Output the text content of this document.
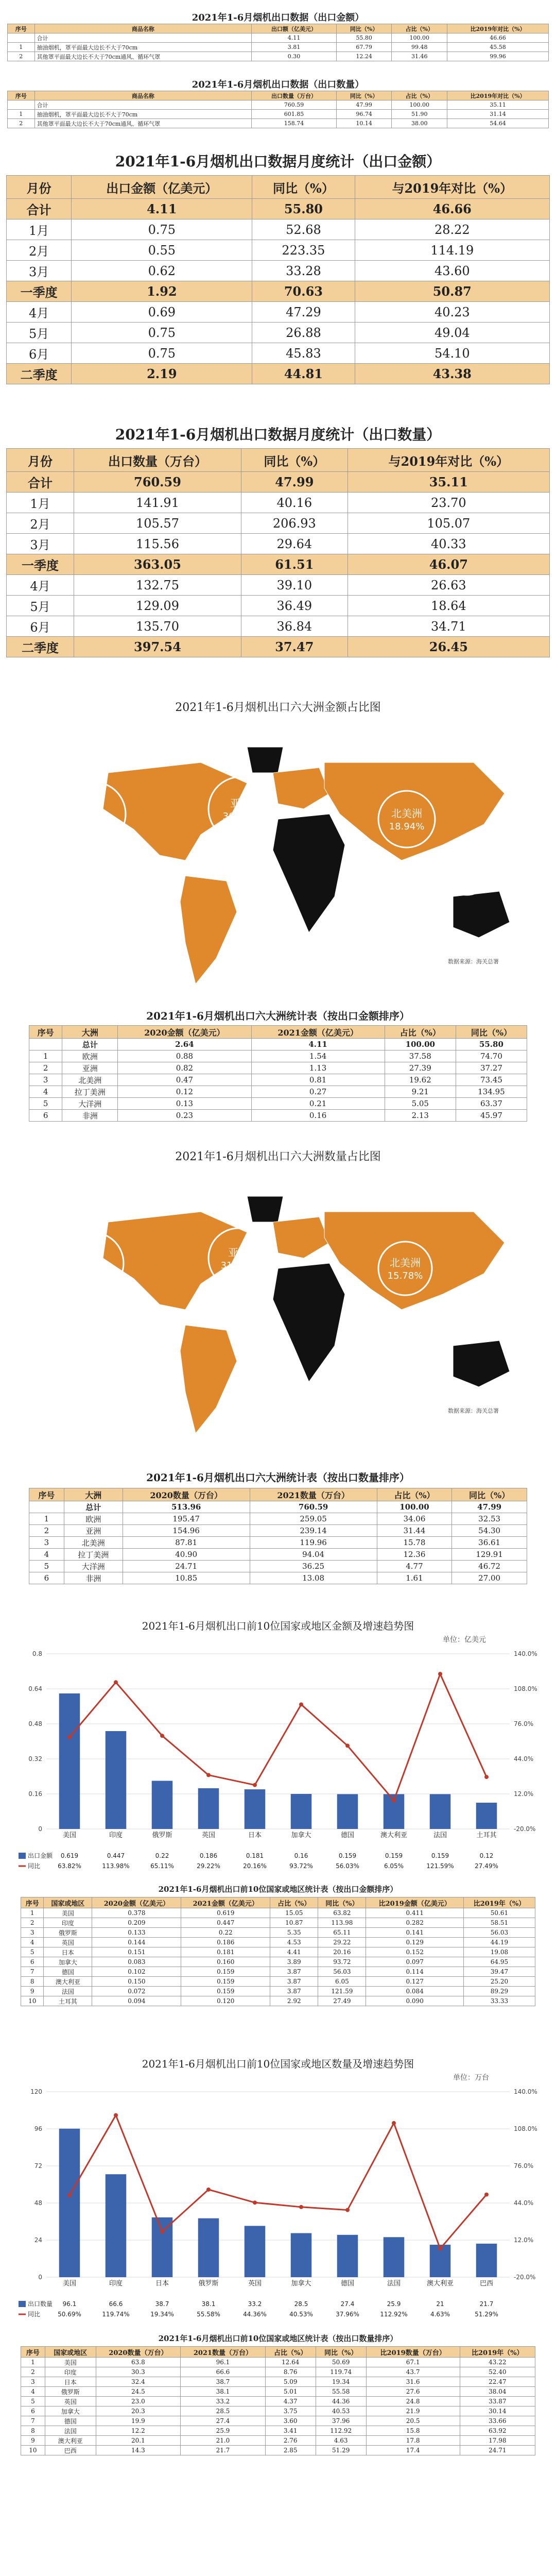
2021年1-6月烟机出口数据（出口金额）
序号	商品名称	出口额（亿美元）	同比（%）	占比（%）	比2019年对比（%）
	合计	4.11	55.80	100.00	46.66
1	抽油烟机，罩平面最大边长不大于70cm	3.81	67.79	99.48	45.58
2	其他罩平面最大边长不大于70cm通风、循环气罩	0.30	12.24	31.46	99.96
2021年1-6月烟机出口数据（出口数量）
序号	商品名称	出口数量（万台）	同比（%）	占比（%）	比2019年对比（%）
	合计	760.59	47.99	100.00	35.11
1	抽油烟机，罩平面最大边长不大于70cm	601.85	96.74	51.90	31.14
2	其他罩平面最大边长不大于70cm通风、循环气罩	158.74	10.14	38.00	54.64
2021年1-6月烟机出口数据月度统计（出口金额）
月份	出口金额（亿美元）	同比（%）	与2019年对比（%）
合计	4.11	55.80	46.66
1月	0.75	52.68	28.22
2月	0.55	223.35	114.19
3月	0.62	33.28	43.60
一季度	1.92	70.63	50.87
4月	0.69	47.29	40.23
5月	0.75	26.88	49.04
6月	0.75	45.83	54.10
二季度	2.19	44.81	43.38
2021年1-6月烟机出口数据月度统计（出口数量）
月份	出口数量（万台）	同比（%）	与2019年对比（%）
合计	760.59	47.99	35.11
1月	141.91	40.16	23.70
2月	105.57	206.93	105.07
3月	115.56	29.64	40.33
一季度	363.05	61.51	46.07
4月	132.75	39.10	26.63
5月	129.09	36.49	18.64
6月	135.70	36.84	34.71
二季度	397.54	37.47	26.45
2021年1-6月烟机出口六大洲金额占比图
欧洲
37.58%
亚洲
36.50%	北美洲
18.94%
南美洲
4.20%
数据来源：海关总署
2021年1-6月烟机出口六大洲统计表（按出口金额排序）
序号	大洲	2020金额（亿美元）	2021金额（亿美元）	占比（%）	同比（%）
	总计	2.64	4.11	100.00	55.80
1	欧洲	0.88	1.54	37.58	74.70
2	亚洲	0.82	1.13	27.39	37.27
3	北美洲	0.47	0.81	19.62	73.45
4	拉丁美洲	0.12	0.27	9.21	134.95
5	大洋洲	0.13	0.21	5.05	63.37
6	非洲	0.23	0.16	2.13	45.97
2021年1-6月烟机出口六大洲数量占比图
欧洲
34.08%
亚洲
31.44%	北美洲
15.78%
南美洲
8.38%
数据来源：海关总署
2021年1-6月烟机出口六大洲统计表（按出口数量排序）
序号	大洲	2020数量（万台）	2021数量（万台）	占比（%）	同比（%）
	总计	513.96	760.59	100.00	47.99
1	欧洲	195.47	259.05	34.06	32.53
2	亚洲	154.96	239.14	31.44	54.30
3	北美洲	87.81	119.96	15.78	36.61
4	拉丁美洲	40.90	94.04	12.36	129.91
5	大洋洲	24.71	36.25	4.77	46.72
6	非洲	10.85	13.08	1.61	27.00
2021年1-6月烟机出口前10位国家或地区金额及增速趋势图
单位：亿美元
0	-20.0%
0.16	12.0%
0.32	44.0%
0.48	76.0%
0.64	108.0%
0.8	140.0%
美国
0.619
63.82%
印度
0.447
113.98%
俄罗斯
0.22
65.11%
英国
0.186
29.22%
日本
0.181
20.16%
加拿大
0.16
93.72%
德国
0.159
56.03%
澳大利亚
0.159
6.05%
法国
0.159
121.59%
土耳其
0.12
27.49%
出口金额
同比
2021年1-6月烟机出口前10位国家或地区统计表（按出口金额排序）
序号	国家或地区	2020金额（亿美元）	2021金额（亿美元）	占比（%）	同比（%）	比2019金额（亿美元）	比2019年（%）
1	美国	0.378	0.619	15.05	63.82	0.411	50.61
2	印度	0.209	0.447	10.87	113.98	0.282	58.51
3	俄罗斯	0.133	0.22	5.35	65.11	0.141	56.03
4	英国	0.144	0.186	4.53	29.22	0.129	44.19
5	日本	0.151	0.181	4.41	20.16	0.152	19.08
6	加拿大	0.083	0.160	3.89	93.72	0.097	64.95
7	德国	0.102	0.159	3.87	56.03	0.114	39.47
8	澳大利亚	0.150	0.159	3.87	6.05	0.127	25.20
9	法国	0.072	0.159	3.87	121.59	0.084	89.29
10	土耳其	0.094	0.120	2.92	27.49	0.090	33.33
2021年1-6月烟机出口前10位国家或地区数量及增速趋势图
单位：万台
0	-20.0%
24	12.0%
48	44.0%
72	76.0%
96	108.0%
120	140.0%
美国
96.1
50.69%
印度
66.6
119.74%
日本
38.7
19.34%
俄罗斯
38.1
55.58%
英国
33.2
44.36%
加拿大
28.5
40.53%
德国
27.4
37.96%
法国
25.9
112.92%
澳大利亚
21
4.63%
巴西
21.7
51.29%
出口数量
同比
2021年1-6月烟机出口前10位国家或地区统计表（按出口数量排序）
序号	国家或地区	2020数量（万台）	2021数量（万台）	占比（%）	同比（%）	比2019数量（万台）	比2019年（%）
1	美国	63.8	96.1	12.64	50.69	67.1	43.22
2	印度	30.3	66.6	8.76	119.74	43.7	52.40
3	日本	32.4	38.7	5.09	19.34	31.6	22.47
4	俄罗斯	24.5	38.1	5.01	55.58	27.6	38.04
5	英国	23.0	33.2	4.37	44.36	24.8	33.87
6	加拿大	20.3	28.5	3.75	40.53	21.9	30.14
7	德国	19.9	27.4	3.60	37.96	20.5	33.66
8	法国	12.2	25.9	3.41	112.92	15.8	63.92
9	澳大利亚	20.1	21.0	2.76	4.63	17.8	17.98
10	巴西	14.3	21.7	2.85	51.29	17.4	24.71
